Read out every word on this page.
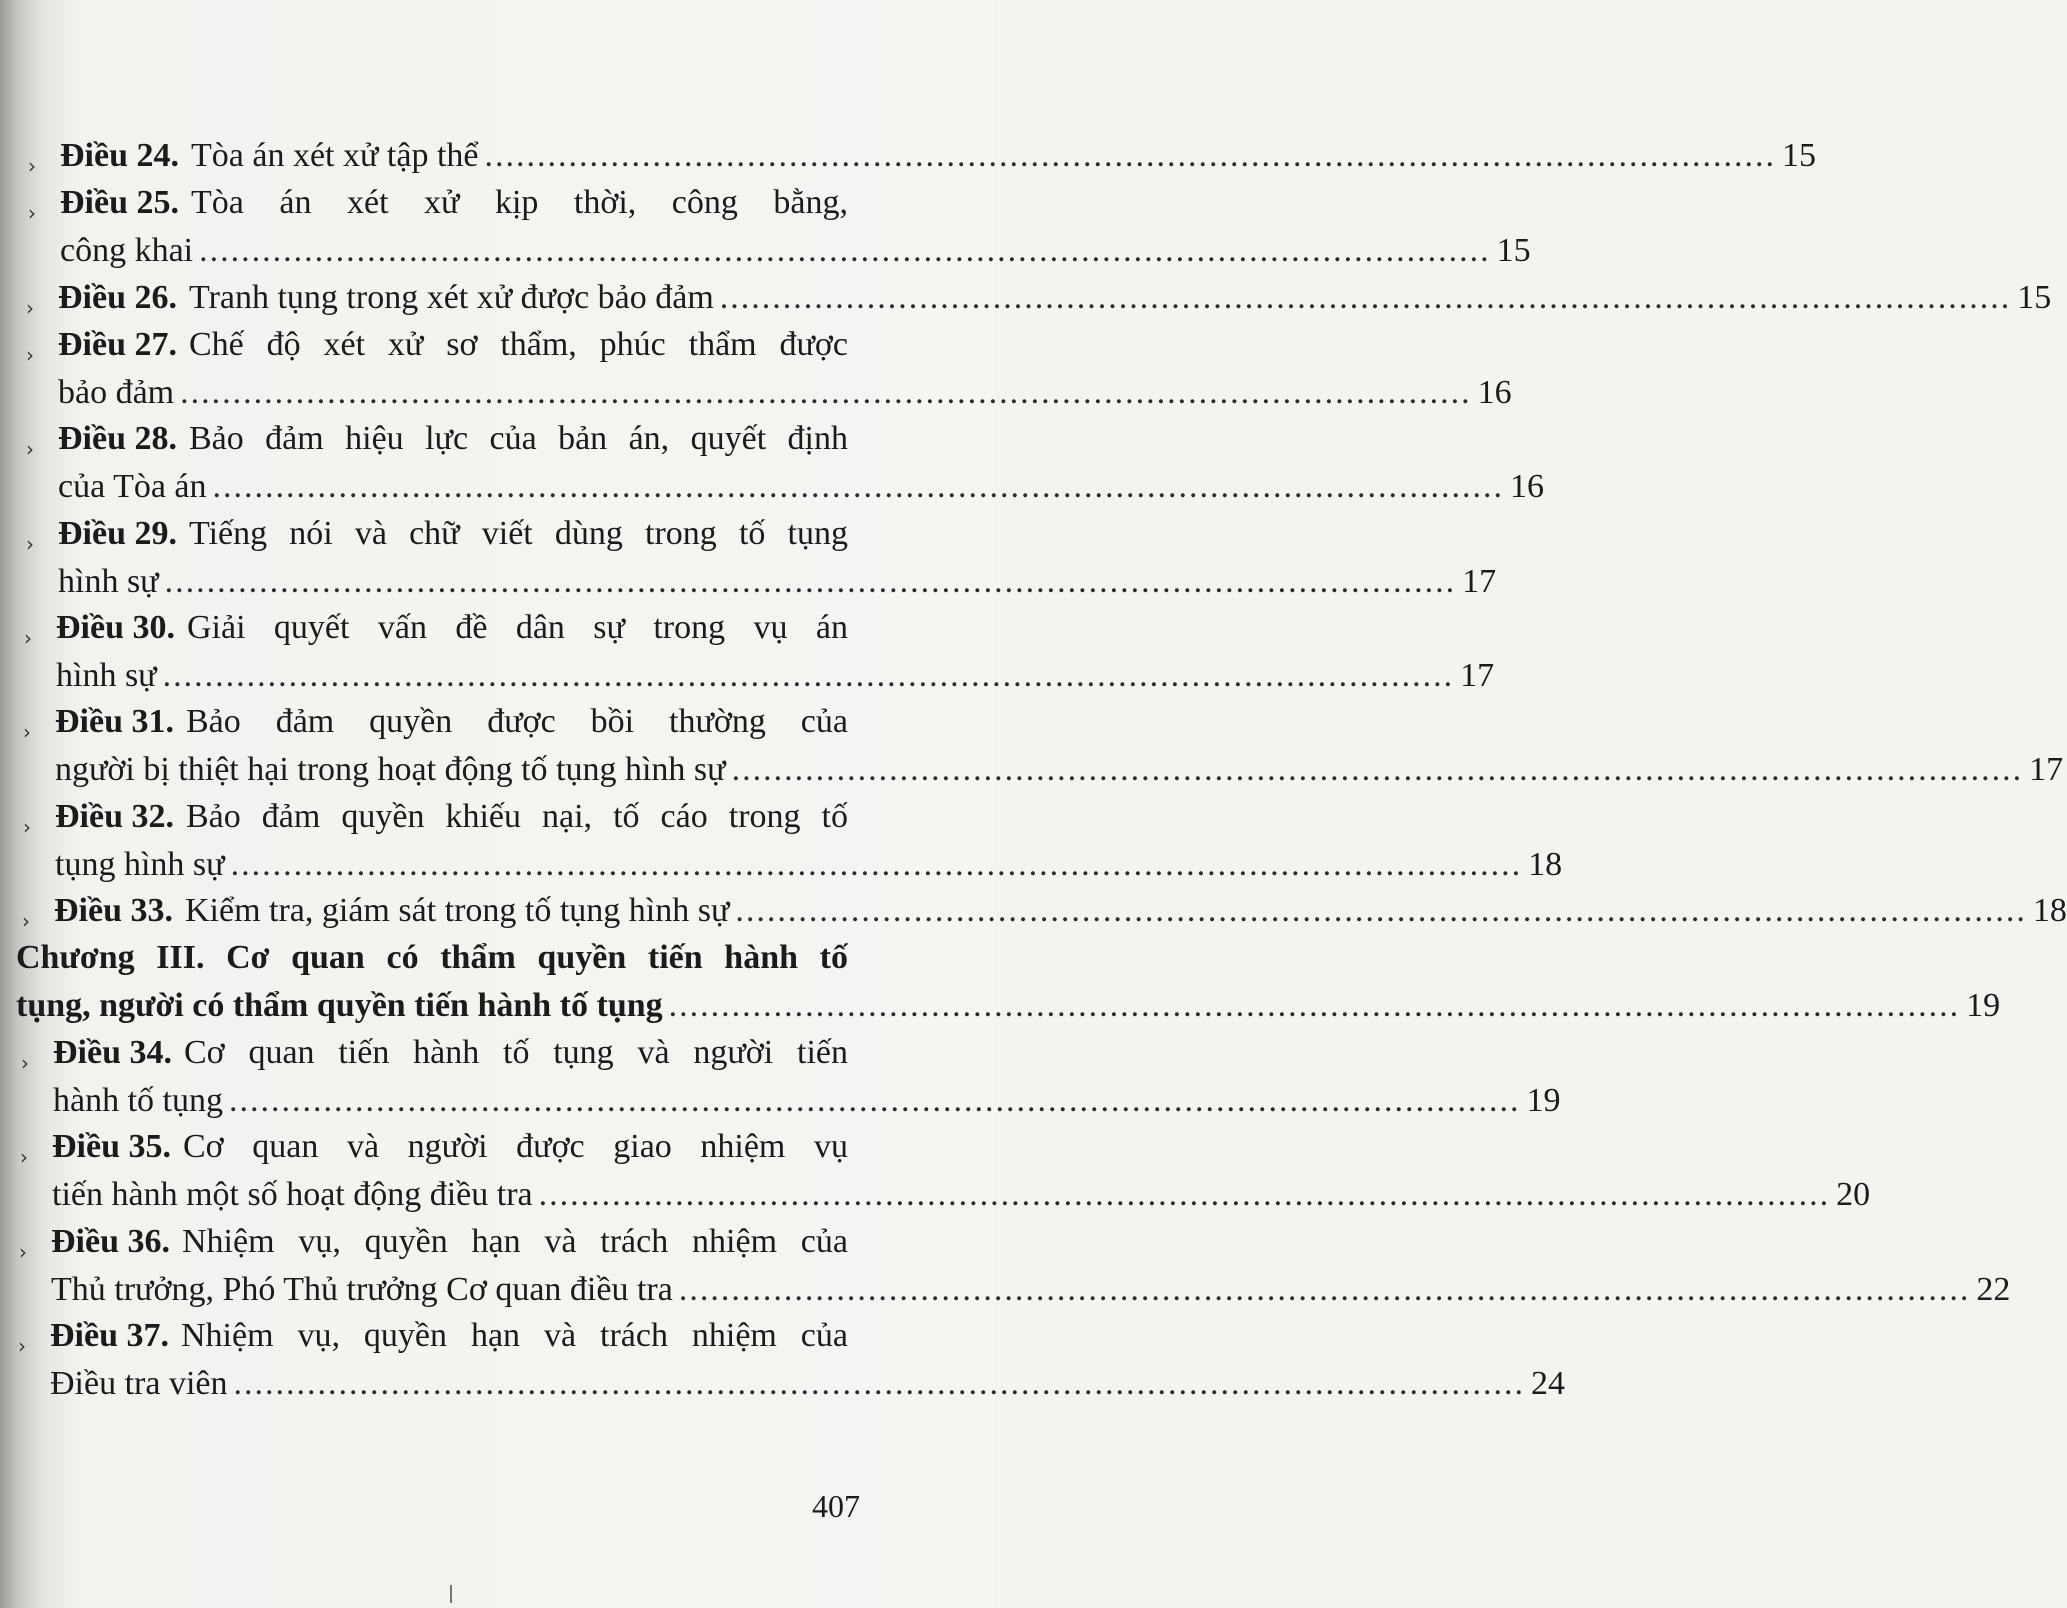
› Điều 24. Tòa án xét xử tập thể ........................................................................................................................... 15
› Điều 25. Tòa án xét xử kịp thời, công bằng,
công khai ........................................................................................................................... 15
› Điều 26. Tranh tụng trong xét xử được bảo đảm ........................................................................................................................... 15
› Điều 27. Chế độ xét xử sơ thẩm, phúc thẩm được
bảo đảm ........................................................................................................................... 16
› Điều 28. Bảo đảm hiệu lực của bản án, quyết định
của Tòa án ........................................................................................................................... 16
› Điều 29. Tiếng nói và chữ viết dùng trong tố tụng
hình sự ........................................................................................................................... 17
› Điều 30. Giải quyết vấn đề dân sự trong vụ án
hình sự ........................................................................................................................... 17
› Điều 31. Bảo đảm quyền được bồi thường của
người bị thiệt hại trong hoạt động tố tụng hình sự ........................................................................................................................... 17
› Điều 32. Bảo đảm quyền khiếu nại, tố cáo trong tố
tụng hình sự ........................................................................................................................... 18
› Điều 33. Kiểm tra, giám sát trong tố tụng hình sự ........................................................................................................................... 18
Chương III. Cơ quan có thẩm quyền tiến hành tố
tụng, người có thẩm quyền tiến hành tố tụng ........................................................................................................................... 19
› Điều 34. Cơ quan tiến hành tố tụng và người tiến
hành tố tụng ........................................................................................................................... 19
› Điều 35. Cơ quan và người được giao nhiệm vụ
tiến hành một số hoạt động điều tra ........................................................................................................................... 20
› Điều 36. Nhiệm vụ, quyền hạn và trách nhiệm của
Thủ trưởng, Phó Thủ trưởng Cơ quan điều tra ........................................................................................................................... 22
› Điều 37. Nhiệm vụ, quyền hạn và trách nhiệm của
Điều tra viên ........................................................................................................................... 24
407
